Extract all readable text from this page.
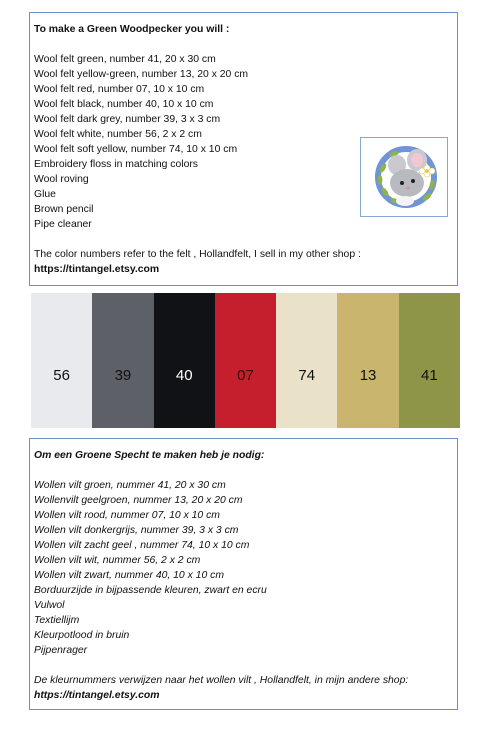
To make a Green Woodpecker you will :
Wool felt green, number 41, 20 x 30 cm
Wool felt yellow-green, number 13, 20 x 20 cm
Wool felt red, number 07, 10 x 10 cm
Wool felt black, number 40, 10 x 10 cm
Wool felt dark grey, number 39, 3 x 3 cm
Wool felt white, number 56, 2 x 2 cm
Wool felt soft yellow, number 74, 10 x 10 cm
Embroidery floss in matching colors
Wool roving
Glue
Brown pencil
Pipe cleaner
The color numbers refer to the felt , Hollandfelt, I sell in my other shop :
https://tintangel.etsy.com
56	39	40	07	74	13	41
Om een Groene Specht te maken heb je nodig:
Wollen vilt groen, nummer 41, 20 x 30 cm
Wollenvilt geelgroen, nummer 13, 20 x 20 cm
Wollen vilt rood, nummer 07, 10 x 10 cm
Wollen vilt donkergrijs, nummer 39, 3 x 3 cm
Wollen vilt zacht geel , nummer 74, 10 x 10 cm
Wollen vilt wit, nummer 56, 2 x 2 cm
Wollen vilt zwart, nummer 40, 10 x 10 cm
Borduurzijde in bijpassende kleuren, zwart en ecru
Vulwol
Textiellijm
Kleurpotlood in bruin
Pijpenrager
De kleurnummers verwijzen naar het wollen vilt , Hollandfelt, in mijn andere shop:
https://tintangel.etsy.com
